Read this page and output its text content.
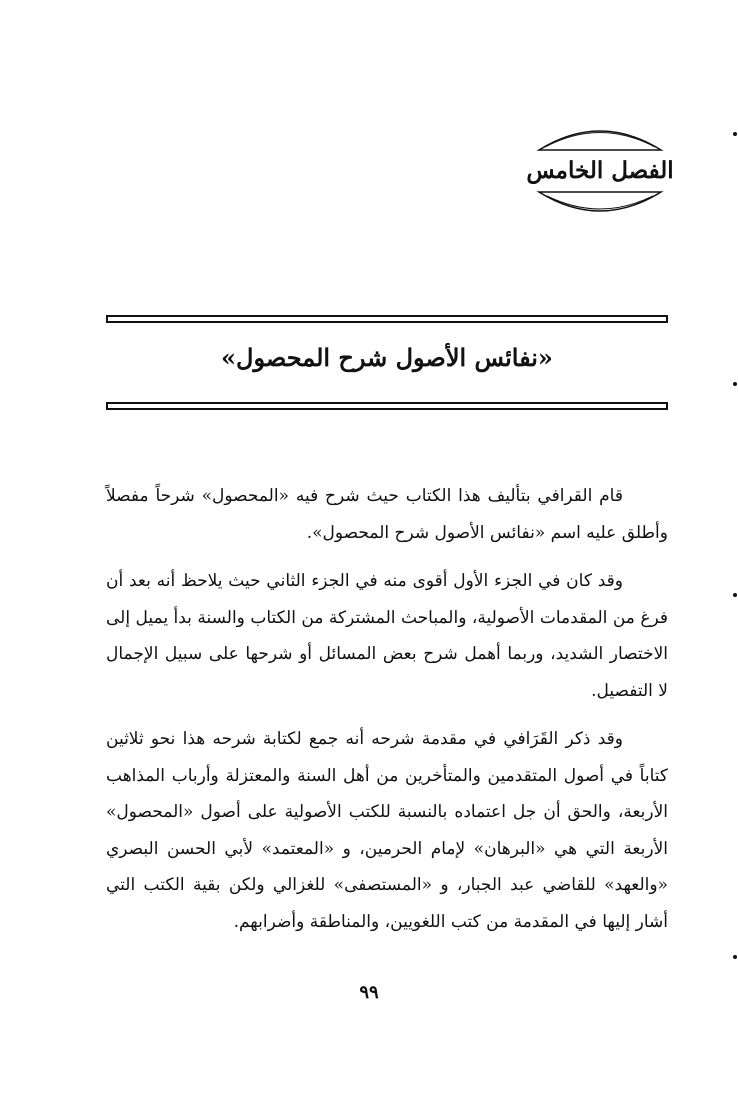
الفصل الخامس
«نفائس الأصول شرح المحصول»

قام القرافي بتأليف هذا الكتاب حيث شرح فيه «المحصول» شرحاً مفصلاً وأطلق عليه اسم «نفائس الأصول شرح المحصول».

وقد كان في الجزء الأول أقوى منه في الجزء الثاني حيث يلاحظ أنه بعد أن فرغ من المقدمات الأصولية، والمباحث المشتركة من الكتاب والسنة بدأ يميل إلى الاختصار الشديد، وربما أهمل شرح بعض المسائل أو شرحها على سبيل الإجمال لا التفصيل.

وقد ذكر القَرَافي في مقدمة شرحه أنه جمع لكتابة شرحه هذا نحو ثلاثين كتاباً في أصول المتقدمين والمتأخرين من أهل السنة والمعتزلة وأرباب المذاهب الأربعة، والحق أن جل اعتماده بالنسبة للكتب الأصولية على أصول «المحصول» الأربعة التي هي «البرهان» لإمام الحرمين، و «المعتمد» لأبي الحسن البصري «والعهد» للقاضي عبد الجبار، و «المستصفى» للغزالي ولكن بقية الكتب التي أشار إليها في المقدمة من كتب اللغويين، والمناطقة وأضرابهم.

٩٩
